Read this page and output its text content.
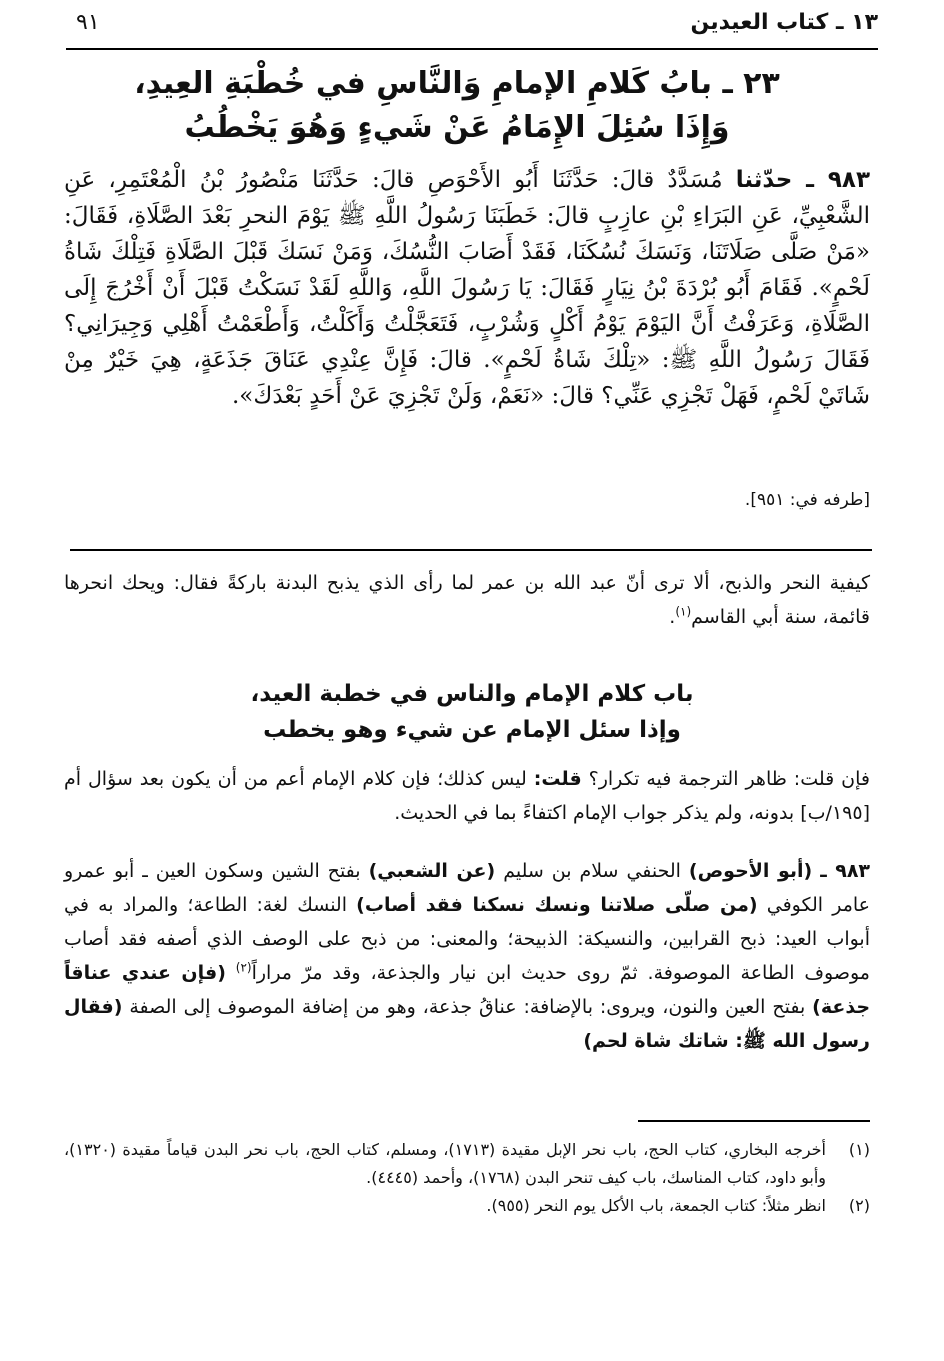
١٣ ـ كتاب العيدين
٩١
٢٣ ـ بابُ كَلامِ الإمامِ وَالنَّاسِ في خُطْبَةِ العِيدِ، وَإِذَا سُئِلَ الإِمَامُ عَنْ شَيءٍ وَهُوَ يَخْطُبُ
٩٨٣ ـ حدّثنا مُسَدَّدٌ قالَ: حَدَّثَنَا أَبُو الأَحْوَصِ قالَ: حَدَّثَنَا مَنْصُورُ بْنُ الْمُعْتَمِرِ، عَنِ الشَّعْبِيِّ، عَنِ البَرَاءِ بْنِ عازِبٍ قالَ: خَطَبَنَا رَسُولُ اللَّهِ ﷺ يَوْمَ النحرِ بَعْدَ الصَّلَاةِ، فَقَالَ: «مَنْ صَلَّى صَلَاتَنَا، وَنَسَكَ نُسُكَنَا، فَقَدْ أَصَابَ النُّسُكَ، وَمَنْ نَسَكَ قَبْلَ الصَّلَاةِ فَتِلْكَ شَاةُ لَحْمٍ». فَقَامَ أَبُو بُرْدَةَ بْنُ نِيَارٍ فَقَالَ: يَا رَسُولَ اللَّهِ، وَاللَّهِ لَقَدْ نَسَكْتُ قَبْلَ أَنْ أَخْرُجَ إِلَى الصَّلَاةِ، وَعَرَفْتُ أَنَّ اليَوْمَ يَوْمُ أَكْلٍ وَشُرْبٍ، فَتَعَجَّلْتُ وَأَكَلْتُ، وَأَطْعَمْتُ أَهْلِي وَجِيرَانِي؟ فَقَالَ رَسُولُ اللَّهِ ﷺ: «تِلْكَ شَاةُ لَحْمٍ». قالَ: فَإِنَّ عِنْدِي عَنَاقَ جَذَعَةٍ، هِيَ خَيْرٌ مِنْ شَاتَيْ لَحْمٍ، فَهَلْ تَجْزِي عَنِّي؟ قالَ: «نَعَمْ، وَلَنْ تَجْزِيَ عَنْ أَحَدٍ بَعْدَكَ».
[طرفه في: ٩٥١].
كيفية النحر والذبح، ألا ترى أنّ عبد الله بن عمر لما رأى الذي يذبح البدنة باركةً فقال: ويحك انحرها قائمة، سنة أبي القاسم$^{(١)}$.
باب كلام الإمام والناس في خطبة العيد،
وإذا سئل الإمام عن شيء وهو يخطب
فإن قلت: ظاهر الترجمة فيه تكرار؟ قلت: ليس كذلك؛ فإن كلام الإمام أعم من أن يكون بعد سؤال أم [١٩٥/ب] بدونه، ولم يذكر جواب الإمام اكتفاءً بما في الحديث.
٩٨٣ ـ (أبو الأحوص) الحنفي سلام بن سليم (عن الشعبي) بفتح الشين وسكون العين ـ أبو عمرو عامر الكوفي (من صلّى صلاتنا ونسك نسكنا فقد أصاب) النسك لغة: الطاعة؛ والمراد به في أبواب العيد: ذبح القرابين، والنسيكة: الذبيحة؛ والمعنى: من ذبح على الوصف الذي أصفه فقد أصاب موصوف الطاعة الموصوفة. ثمّ روى حديث ابن نيار والجذعة، وقد مرّ مراراً$^{(٢)}$ (فإن عندي عناقاً جذعة) بفتح العين والنون، ويروى: بالإضافة: عناقُ جذعة، وهو من إضافة الموصوف إلى الصفة (فقال رسول الله ﷺ: شاتك شاة لحم)
(١)
أخرجه البخاري، كتاب الحج، باب نحر الإبل مقيدة (١٧١٣)، ومسلم، كتاب الحج، باب نحر البدن قياماً مقيدة (١٣٢٠)، وأبو داود، كتاب المناسك، باب كيف تنحر البدن (١٧٦٨)، وأحمد (٤٤٤٥).
(٢)
انظر مثلاً: كتاب الجمعة، باب الأكل يوم النحر (٩٥٥).
